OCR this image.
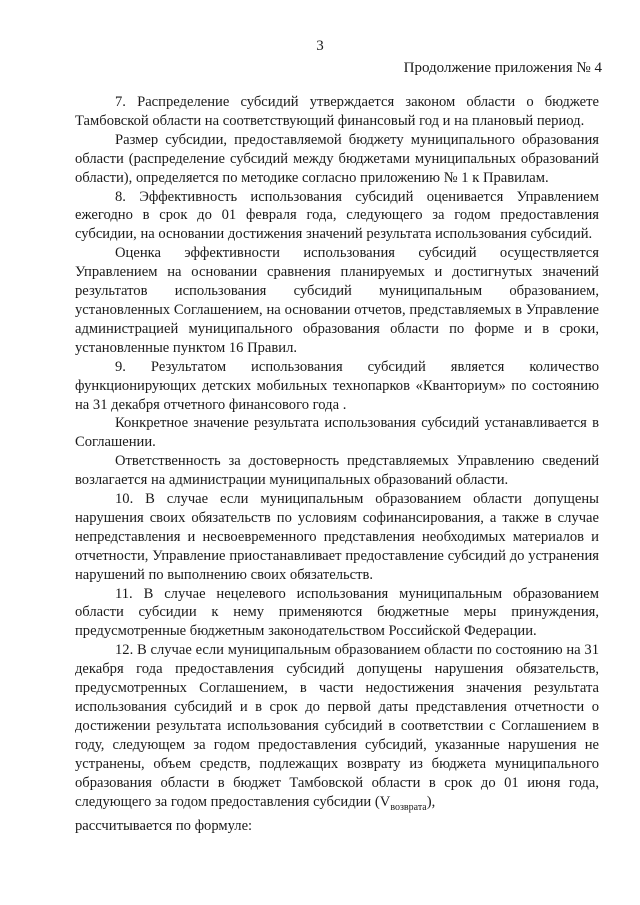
3
Продолжение приложения № 4

7. Распределение субсидий утверждается законом области о бюджете Тамбовской области на соответствующий финансовый год и на плановый период.

Размер субсидии, предоставляемой бюджету муниципального образования области (распределение субсидий между бюджетами муниципальных образований области), определяется по методике согласно приложению № 1 к Правилам.

8. Эффективность использования субсидий оценивается Управлением ежегодно в срок до 01 февраля года, следующего за годом предоставления субсидии, на основании достижения значений результата использования субсидий.

Оценка эффективности использования субсидий осуществляется Управлением на основании сравнения планируемых и достигнутых значений результатов использования субсидий муниципальным образованием, установленных Соглашением, на основании отчетов, представляемых в Управление администрацией муниципального образования области по форме и в сроки, установленные пунктом 16 Правил.

9. Результатом использования субсидий является количество функционирующих детских мобильных технопарков «Кванториум» по состоянию на 31 декабря отчетного финансового года .

Конкретное значение результата использования субсидий устанавливается в Соглашении.

Ответственность за достоверность представляемых Управлению сведений возлагается на администрации муниципальных образований области.

10. В случае если муниципальным образованием области допущены нарушения своих обязательств по условиям софинансирования, а также в случае непредставления и несвоевременного представления необходимых материалов и отчетности, Управление приостанавливает предоставление субсидий до устранения нарушений по выполнению своих обязательств.

11. В случае нецелевого использования муниципальным образованием области субсидии к нему применяются бюджетные меры принуждения, предусмотренные бюджетным законодательством Российской Федерации.

12. В случае если муниципальным образованием области по состоянию на 31 декабря года предоставления субсидий допущены нарушения обязательств, предусмотренных Соглашением, в части недостижения значения результата использования субсидий и в срок до первой даты представления отчетности о достижении результата использования субсидий в соответствии с Соглашением в году, следующем за годом предоставления субсидий, указанные нарушения не устранены, объем средств, подлежащих возврату из бюджета муниципального образования области в бюджет Тамбовской области в срок до 01 июня года, следующего за годом предоставления субсидии $(V_{возврата})$,

рассчитывается по формуле:
